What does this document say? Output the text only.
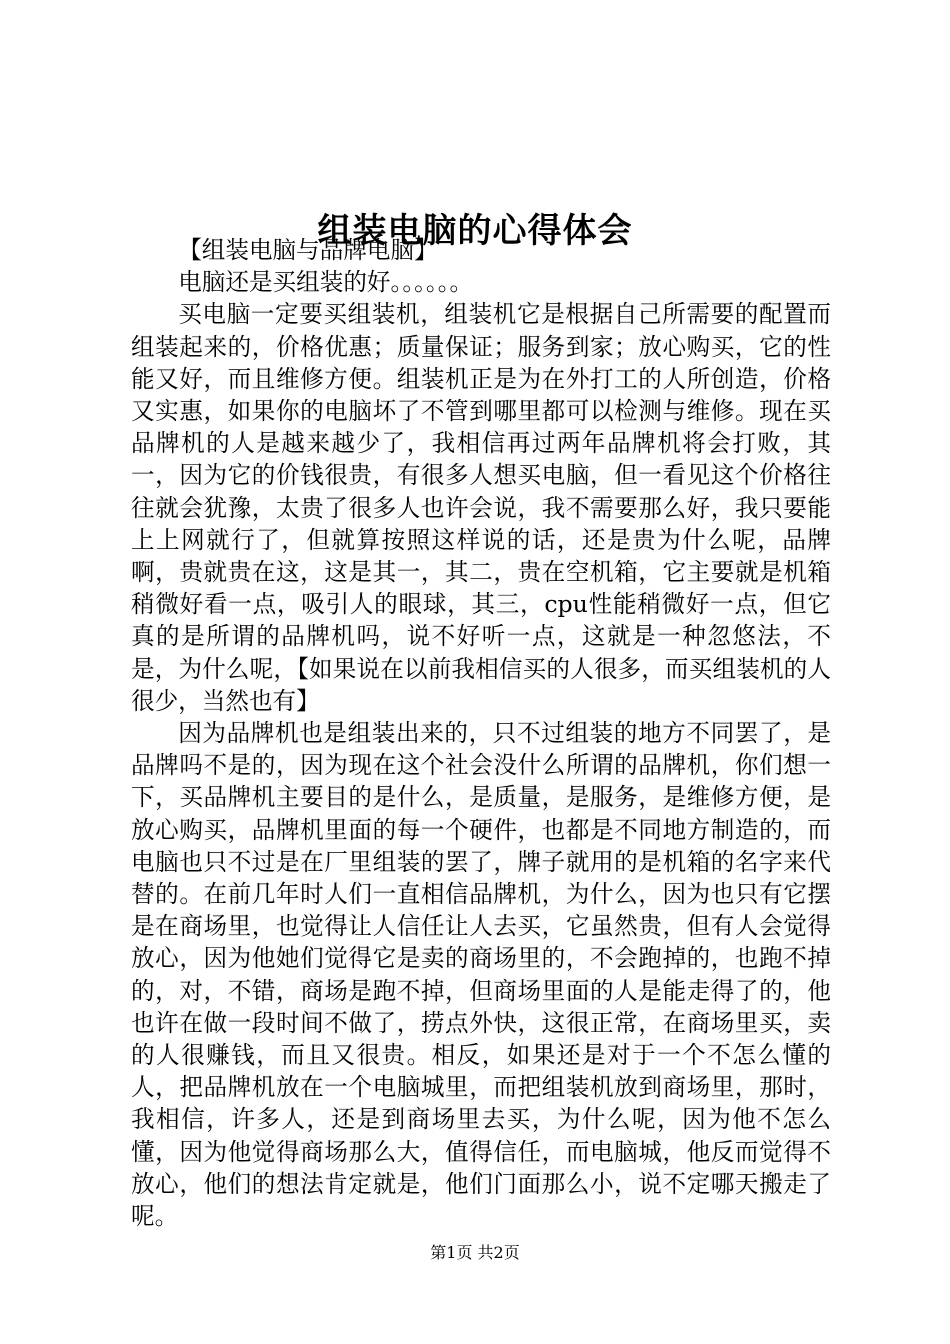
组装电脑的心得体会

【组装电脑与品牌电脑】

电脑还是买组装的好。。。。。。

买电脑一定要买组装机，组装机它是根据自己所需要的配置而组装起来的，价格优惠；质量保证；服务到家；放心购买，它的性能又好，而且维修方便。组装机正是为在外打工的人所创造，价格又实惠，如果你的电脑坏了不管到哪里都可以检测与维修。现在买品牌机的人是越来越少了，我相信再过两年品牌机将会打败，其一，因为它的价钱很贵，有很多人想买电脑，但一看见这个价格往往就会犹豫，太贵了很多人也许会说，我不需要那么好，我只要能上上网就行了，但就算按照这样说的话，还是贵为什么呢，品牌啊，贵就贵在这，这是其一，其二，贵在空机箱，它主要就是机箱稍微好看一点，吸引人的眼球，其三，cpu性能稍微好一点，但它真的是所谓的品牌机吗，说不好听一点，这就是一种忽悠法，不是，为什么呢，【如果说在以前我相信买的人很多，而买组装机的人很少，当然也有】

因为品牌机也是组装出来的，只不过组装的地方不同罢了，是品牌吗不是的，因为现在这个社会没什么所谓的品牌机，你们想一下，买品牌机主要目的是什么，是质量，是服务，是维修方便，是放心购买，品牌机里面的每一个硬件，也都是不同地方制造的，而电脑也只不过是在厂里组装的罢了，牌子就用的是机箱的名字来代替的。在前几年时人们一直相信品牌机，为什么，因为也只有它摆是在商场里，也觉得让人信任让人去买，它虽然贵，但有人会觉得放心，因为他她们觉得它是卖的商场里的，不会跑掉的，也跑不掉的，对，不错，商场是跑不掉，但商场里面的人是能走得了的，他也许在做一段时间不做了，捞点外快，这很正常，在商场里买，卖的人很赚钱，而且又很贵。相反，如果还是对于一个不怎么懂的人，把品牌机放在一个电脑城里，而把组装机放到商场里，那时，我相信，许多人，还是到商场里去买，为什么呢，因为他不怎么懂，因为他觉得商场那么大，值得信任，而电脑城，他反而觉得不放心，他们的想法肯定就是，他们门面那么小，说不定哪天搬走了呢。

第1页 共2页
